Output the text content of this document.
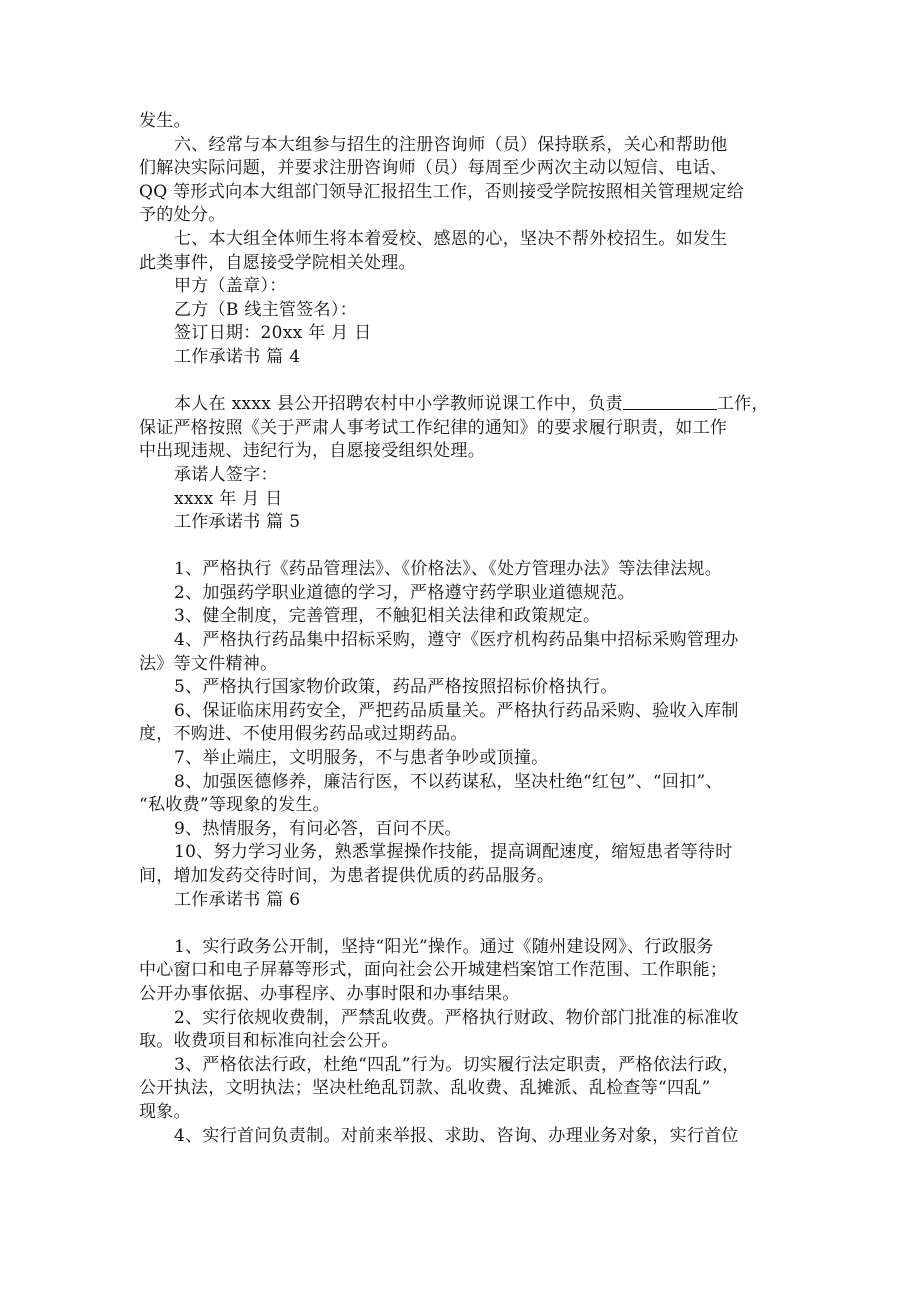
发生。
六、经常与本大组参与招生的注册咨询师（员）保持联系，关心和帮助他
们解决实际问题，并要求注册咨询师（员）每周至少两次主动以短信、电话、
QQ 等形式向本大组部门领导汇报招生工作，否则接受学院按照相关管理规定给
予的处分。
七、本大组全体师生将本着爱校、感恩的心，坚决不帮外校招生。如发生
此类事件，自愿接受学院相关处理。
甲方（盖章）：
乙方（B 线主管签名）：
签订日期：20xx 年 月 日
工作承诺书 篇 4
本人在 xxxx 县公开招聘农村中小学教师说课工作中，负责	工作，
保证严格按照《关于严肃人事考试工作纪律的通知》的要求履行职责，如工作
中出现违规、违纪行为，自愿接受组织处理。
承诺人签字：
xxxx 年 月 日
工作承诺书 篇 5
1、严格执行《药品管理法》、《价格法》、《处方管理办法》等法律法规。
2、加强药学职业道德的学习，严格遵守药学职业道德规范。
3、健全制度，完善管理，不触犯相关法律和政策规定。
4、严格执行药品集中招标采购，遵守《医疗机构药品集中招标采购管理办
法》等文件精神。
5、严格执行国家物价政策，药品严格按照招标价格执行。
6、保证临床用药安全，严把药品质量关。严格执行药品采购、验收入库制
度，不购进、不使用假劣药品或过期药品。
7、举止端庄，文明服务，不与患者争吵或顶撞。
8、加强医德修养，廉洁行医，不以药谋私，坚决杜绝“红包”、“回扣”、
“私收费”等现象的发生。
9、热情服务，有问必答，百问不厌。
10、努力学习业务，熟悉掌握操作技能，提高调配速度，缩短患者等待时
间，增加发药交待时间，为患者提供优质的药品服务。
工作承诺书 篇 6
1、实行政务公开制，坚持“阳光”操作。通过《随州建设网》、行政服务
中心窗口和电子屏幕等形式，面向社会公开城建档案馆工作范围、工作职能；
公开办事依据、办事程序、办事时限和办事结果。
2、实行依规收费制，严禁乱收费。严格执行财政、物价部门批准的标准收
取。收费项目和标准向社会公开。
3、严格依法行政，杜绝“四乱”行为。切实履行法定职责，严格依法行政，
公开执法，文明执法；坚决杜绝乱罚款、乱收费、乱摊派、乱检查等“四乱”
现象。
4、实行首问负责制。对前来举报、求助、咨询、办理业务对象，实行首位
